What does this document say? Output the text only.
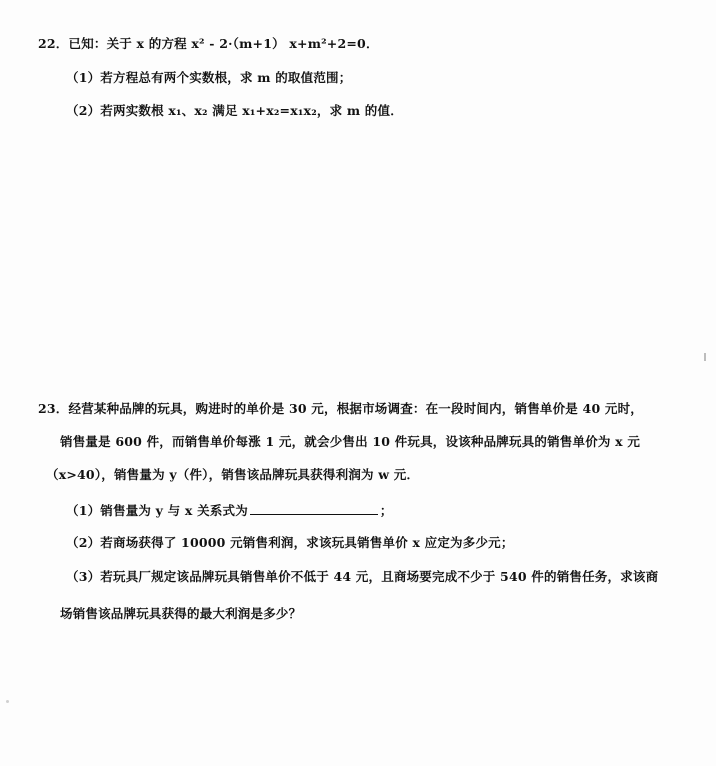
22．已知：关于 x 的方程 x² - 2·（m+1） x+m²+2=0．
（1）若方程总有两个实数根，求 m 的取值范围；
（2）若两实数根 x₁、x₂ 满足 x₁+x₂=x₁x₂，求 m 的值．
23．经营某种品牌的玩具，购进时的单价是 30 元，根据市场调查：在一段时间内，销售单价是 40 元时，
销售量是 600 件，而销售单价每涨 1 元，就会少售出 10 件玩具，设该种品牌玩具的销售单价为 x 元
（x>40），销售量为 y（件），销售该品牌玩具获得利润为 w 元．
（1）销售量为 y 与 x 关系式为	；
（2）若商场获得了 10000 元销售利润，求该玩具销售单价 x 应定为多少元；
（3）若玩具厂规定该品牌玩具销售单价不低于 44 元，且商场要完成不少于 540 件的销售任务，求该商
场销售该品牌玩具获得的最大利润是多少？
